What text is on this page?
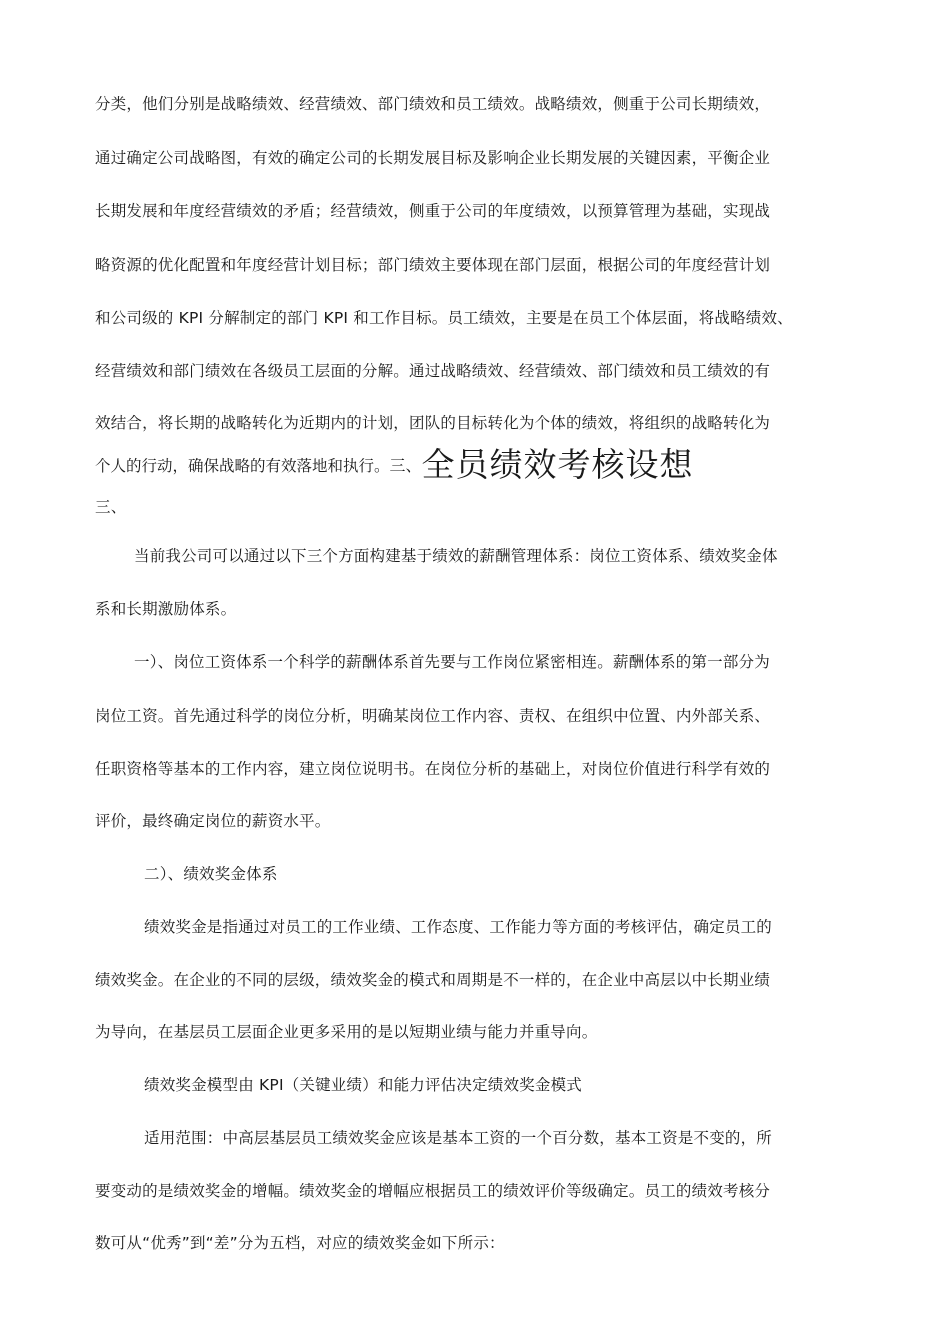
分类，他们分别是战略绩效、经营绩效、部门绩效和员工绩效。战略绩效，侧重于公司长期绩效，
通过确定公司战略图，有效的确定公司的长期发展目标及影响企业长期发展的关键因素，平衡企业
长期发展和年度经营绩效的矛盾；经营绩效，侧重于公司的年度绩效，以预算管理为基础，实现战
略资源的优化配置和年度经营计划目标；部门绩效主要体现在部门层面，根据公司的年度经营计划
和公司级的 KPI 分解制定的部门 KPI 和工作目标。员工绩效，主要是在员工个体层面，将战略绩效、
经营绩效和部门绩效在各级员工层面的分解。通过战略绩效、经营绩效、部门绩效和员工绩效的有
效结合，将长期的战略转化为近期内的计划，团队的目标转化为个体的绩效，将组织的战略转化为
个人的行动，确保战略的有效落地和执行。三、全员绩效考核设想
三、
当前我公司可以通过以下三个方面构建基于绩效的薪酬管理体系：岗位工资体系、绩效奖金体
系和长期激励体系。
一）、岗位工资体系一个科学的薪酬体系首先要与工作岗位紧密相连。薪酬体系的第一部分为
岗位工资。首先通过科学的岗位分析，明确某岗位工作内容、责权、在组织中位置、内外部关系、
任职资格等基本的工作内容，建立岗位说明书。在岗位分析的基础上，对岗位价值进行科学有效的
评价，最终确定岗位的薪资水平。
二）、绩效奖金体系
绩效奖金是指通过对员工的工作业绩、工作态度、工作能力等方面的考核评估，确定员工的
绩效奖金。在企业的不同的层级，绩效奖金的模式和周期是不一样的，在企业中高层以中长期业绩
为导向，在基层员工层面企业更多采用的是以短期业绩与能力并重导向。
绩效奖金模型由 KPI（关键业绩）和能力评估决定绩效奖金模式
适用范围：中高层基层员工绩效奖金应该是基本工资的一个百分数，基本工资是不变的，所
要变动的是绩效奖金的增幅。绩效奖金的增幅应根据员工的绩效评价等级确定。员工的绩效考核分
数可从“优秀”到“差”分为五档，对应的绩效奖金如下所示：
